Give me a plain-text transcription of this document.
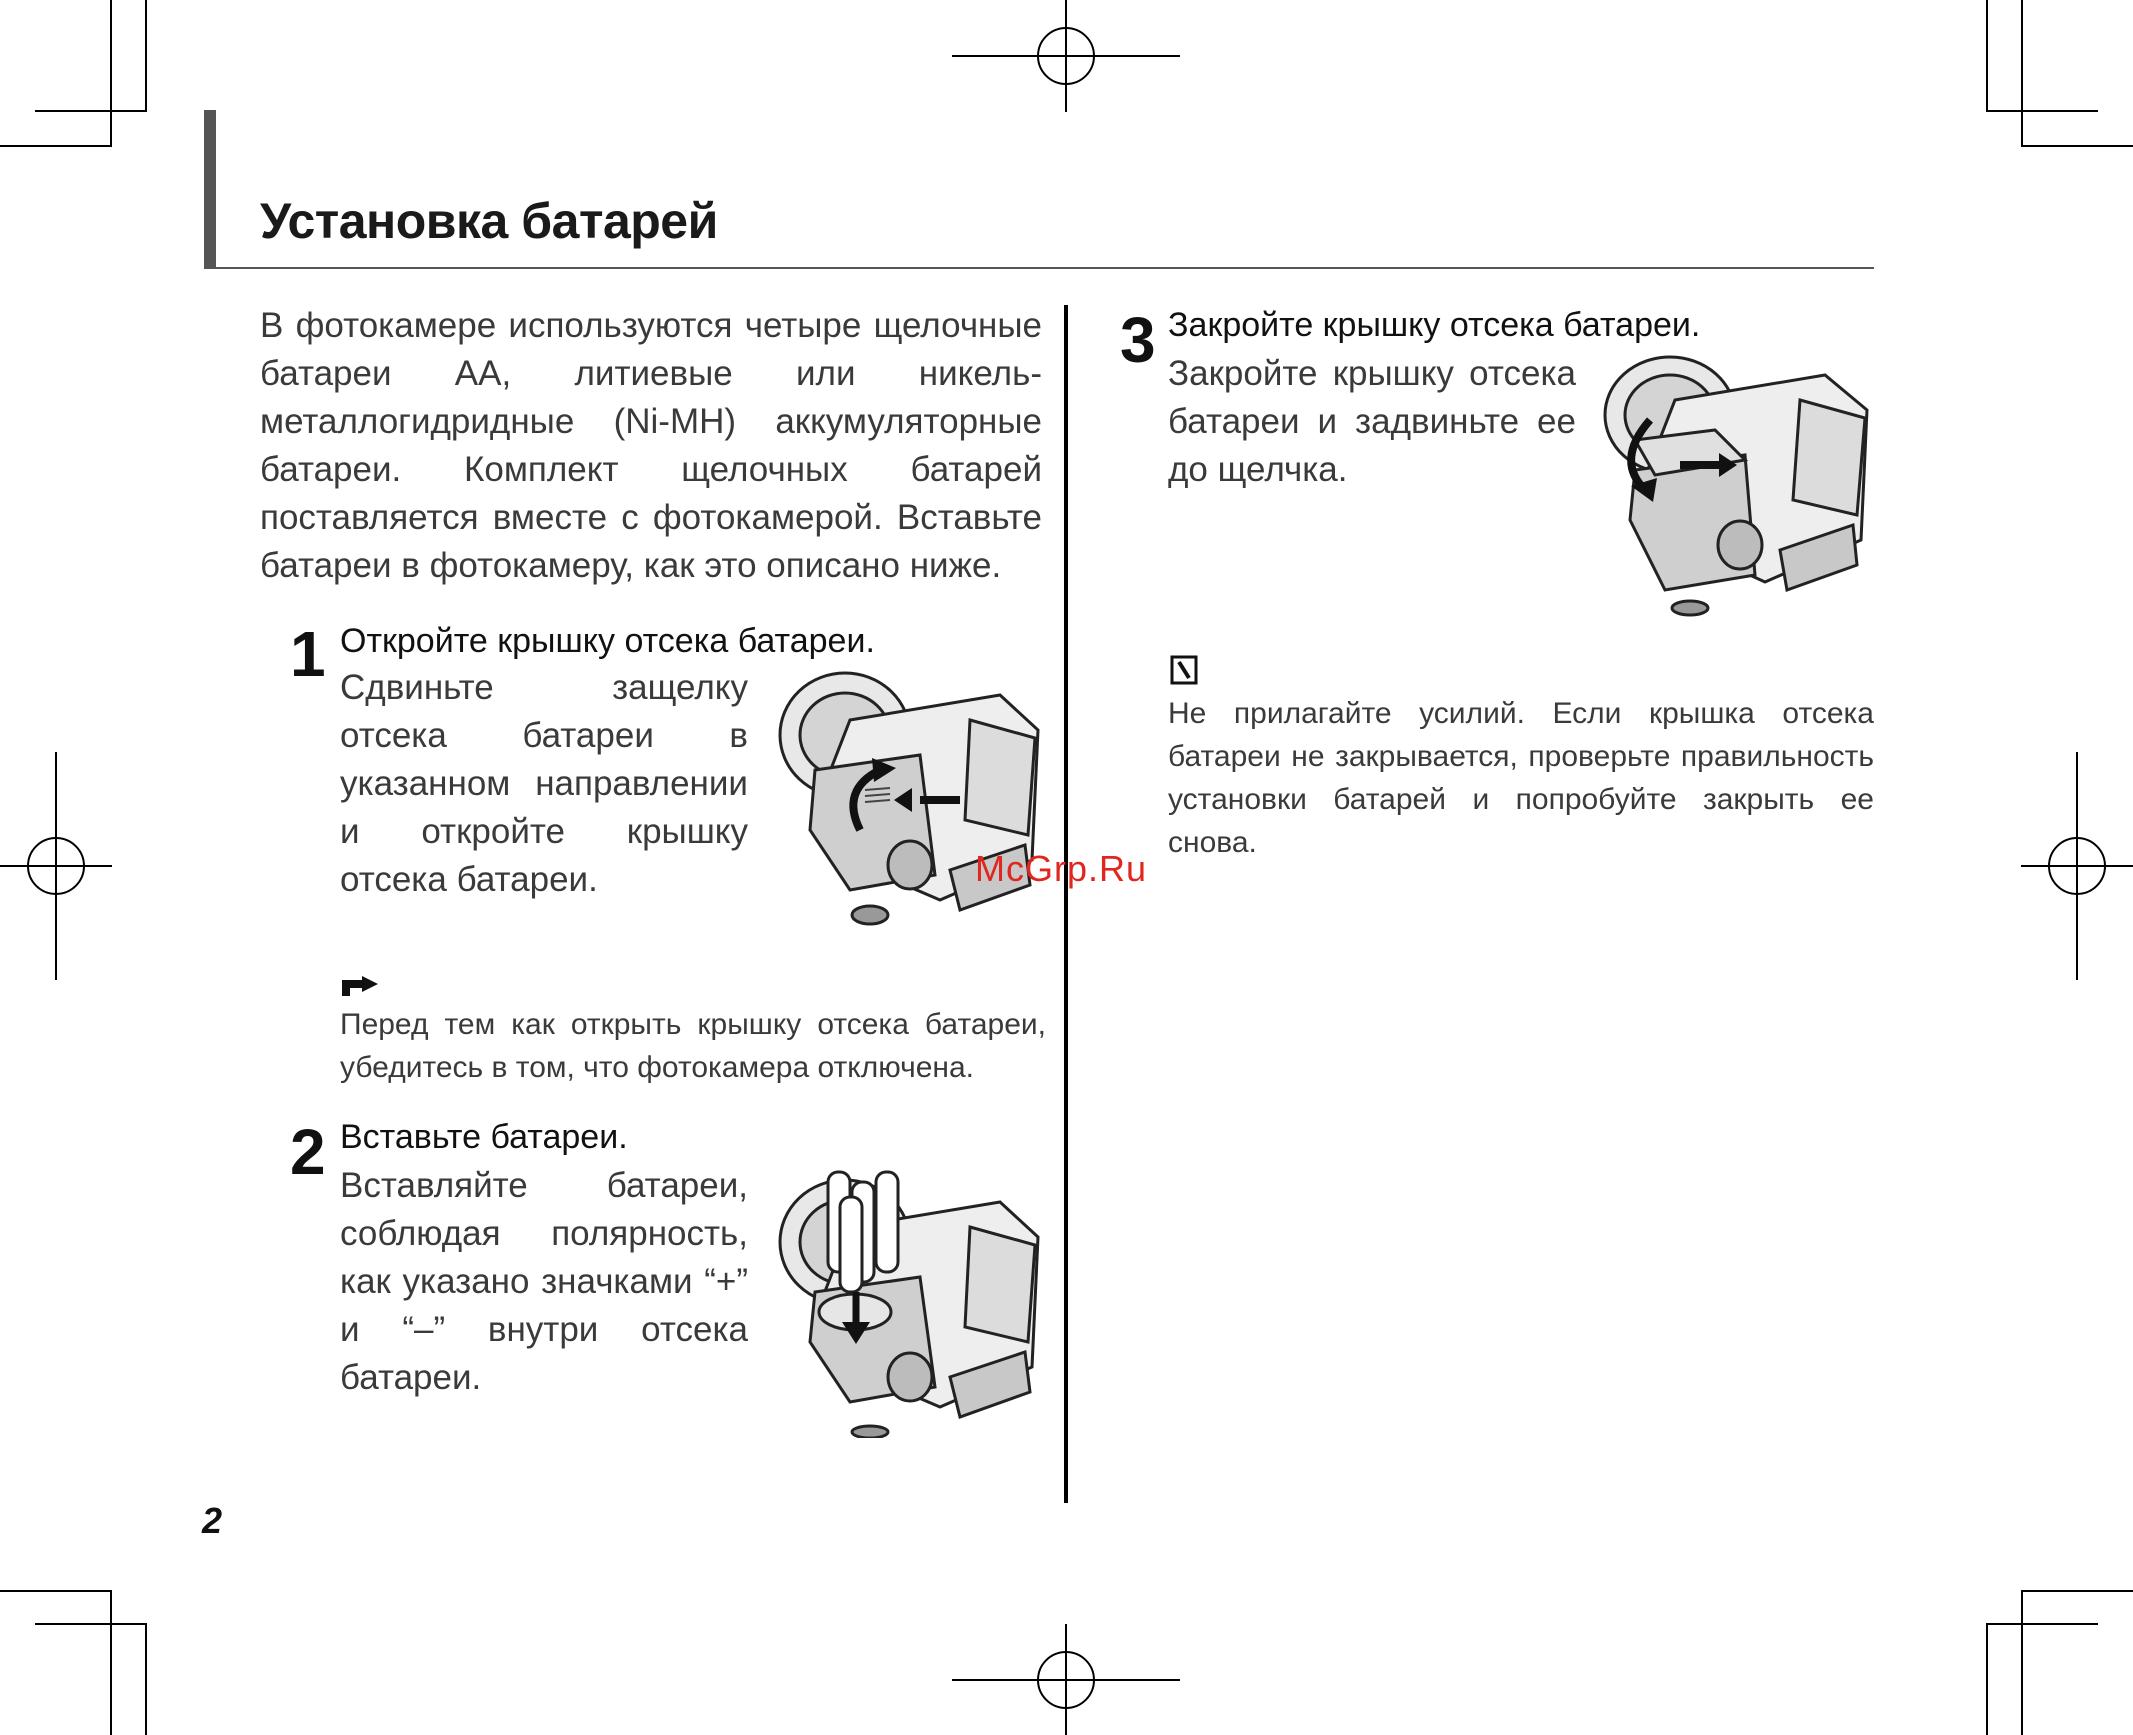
Установка батарей
В фотокамере используются четыре щелочные батареи AA, литиевые или никель-металлогидридные (Ni-MH) аккумуляторные батареи. Комплект щелочных батарей поставляется вместе с фотокамерой. Вставьте батареи в фотокамеру, как это описано ниже.
1 Откройте крышку отсека батареи.
Сдвиньте защелку отсека батареи в указанном направлении и откройте крышку отсека батареи.
Перед тем как открыть крышку отсека батареи, убедитесь в том, что фотокамера отключена.
2 Вставьте батареи.
Вставляйте батареи, соблюдая полярность, как указано значками “+” и “–” внутри отсека батареи.
3 Закройте крышку отсека батареи.
Закройте крышку отсека батареи и задвиньте ее до щелчка.
Не прилагайте усилий. Если крышка отсека батареи не закрывается, проверьте правильность установки батарей и попробуйте закрыть ее снова.
McGrp.Ru
2
